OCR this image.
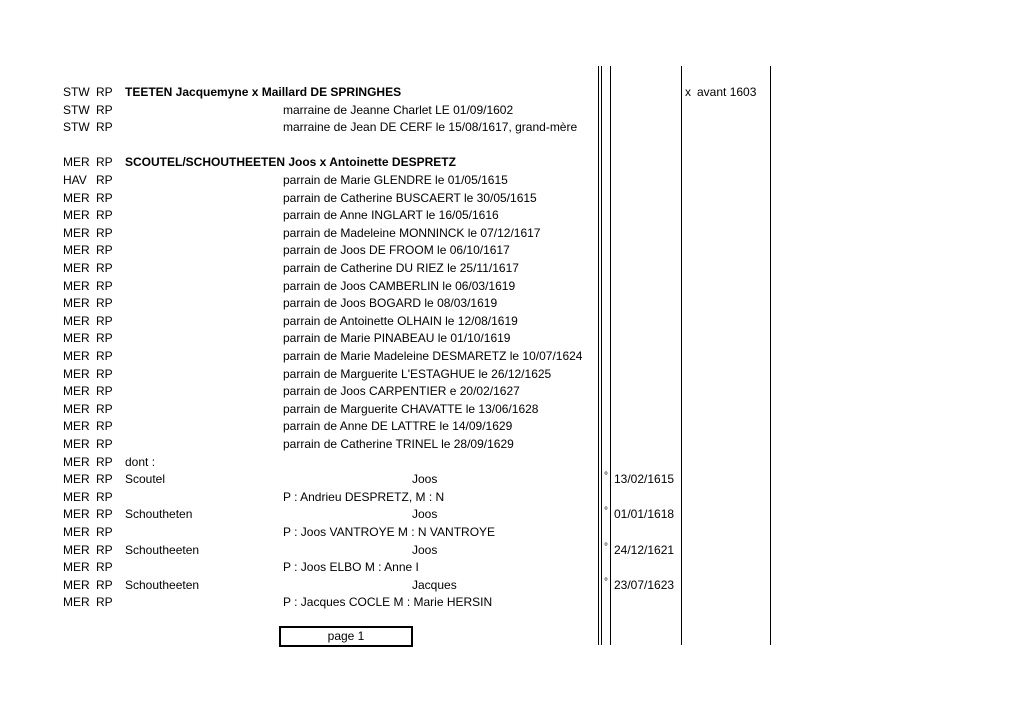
STW RP TEETEN Jacquemyne x Maillard DE SPRINGHES	x avant 1603
STW RP	marraine de Jeanne Charlet LE 01/09/1602
STW RP	marraine de Jean DE CERF le 15/08/1617, grand-mère
MER RP SCOUTEL/SCHOUTHEETEN Joos x Antoinette DESPRETZ
HAV RP	parrain de Marie GLENDRE le 01/05/1615
MER RP	parrain de Catherine BUSCAERT le 30/05/1615
MER RP	parrain de Anne INGLART le 16/05/1616
MER RP	parrain de Madeleine MONNINCK le 07/12/1617
MER RP	parrain de Joos DE FROOM le 06/10/1617
MER RP	parrain de Catherine DU RIEZ le 25/11/1617
MER RP	parrain de Joos CAMBERLIN le 06/03/1619
MER RP	parrain de Joos BOGARD le 08/03/1619
MER RP	parrain de Antoinette OLHAIN le 12/08/1619
MER RP	parrain de Marie PINABEAU le 01/10/1619
MER RP	parrain de Marie Madeleine DESMARETZ le 10/07/1624
MER RP	parrain de Marguerite L'ESTAGHUE le 26/12/1625
MER RP	parrain de Joos CARPENTIER e 20/02/1627
MER RP	parrain de Marguerite CHAVATTE le 13/06/1628
MER RP	parrain de Anne DE LATTRE le 14/09/1629
MER RP	parrain de Catherine TRINEL le 28/09/1629
MER RP dont :
MER RP Scoutel	Joos	° 13/02/1615
MER RP	P : Andrieu DESPRETZ, M : N
MER RP Schoutheten	Joos	° 01/01/1618
MER RP	P : Joos VANTROYE M : N VANTROYE
MER RP Schoutheeten	Joos	° 24/12/1621
MER RP	P : Joos ELBO M : Anne I
MER RP Schoutheeten	Jacques	° 23/07/1623
MER RP	P : Jacques COCLE M : Marie HERSIN
page 1
